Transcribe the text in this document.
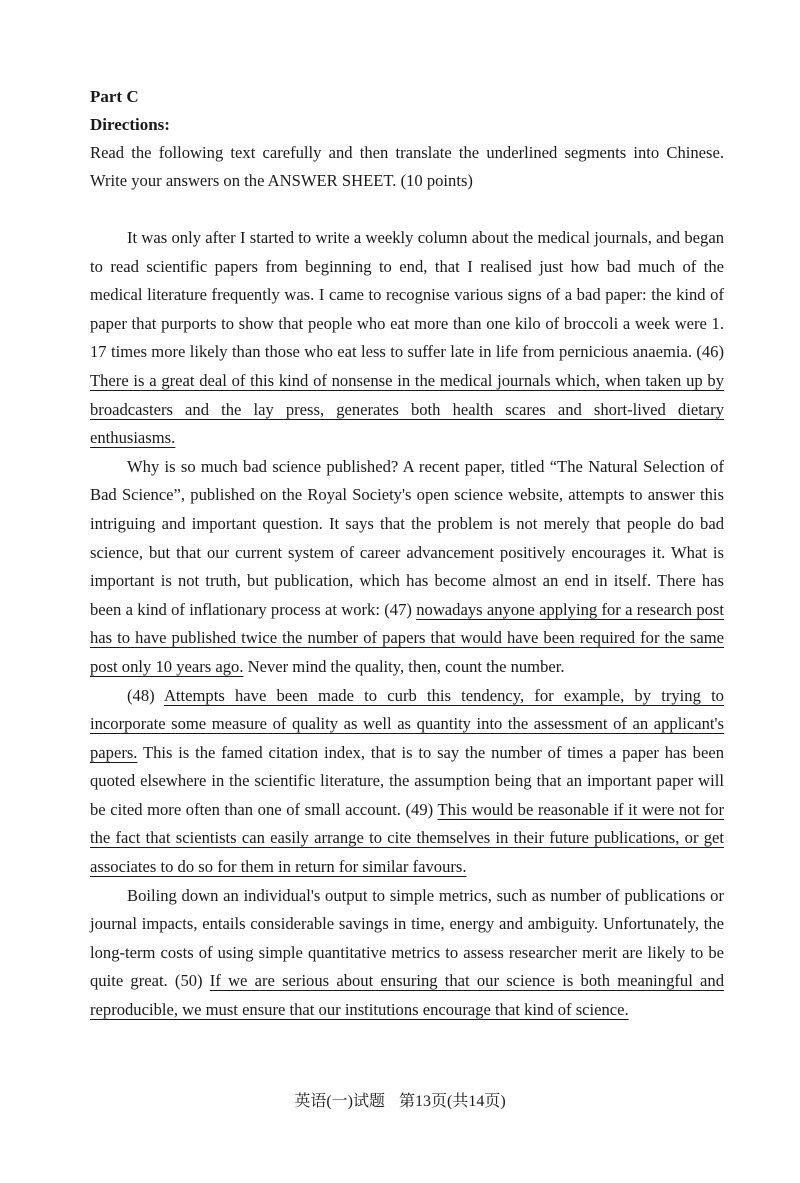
Part C
Directions:
Read the following text carefully and then translate the underlined segments into Chinese. Write your answers on the ANSWER SHEET. (10 points)

It was only after I started to write a weekly column about the medical journals, and began to read scientific papers from beginning to end, that I realised just how bad much of the medical literature frequently was. I came to recognise various signs of a bad paper: the kind of paper that purports to show that people who eat more than one kilo of broccoli a week were 1. 17 times more likely than those who eat less to suffer late in life from pernicious anaemia. (46) There is a great deal of this kind of nonsense in the medical journals which, when taken up by broadcasters and the lay press, generates both health scares and short-lived dietary enthusiasms.

Why is so much bad science published? A recent paper, titled “The Natural Selection of Bad Science”, published on the Royal Society's open science website, attempts to answer this intriguing and important question. It says that the problem is not merely that people do bad science, but that our current system of career advancement positively encourages it. What is important is not truth, but publication, which has become almost an end in itself. There has been a kind of inflationary process at work: (47) nowadays anyone applying for a research post has to have published twice the number of papers that would have been required for the same post only 10 years ago. Never mind the quality, then, count the number.

(48) Attempts have been made to curb this tendency, for example, by trying to incorporate some measure of quality as well as quantity into the assessment of an applicant's papers. This is the famed citation index, that is to say the number of times a paper has been quoted elsewhere in the scientific literature, the assumption being that an important paper will be cited more often than one of small account. (49) This would be reasonable if it were not for the fact that scientists can easily arrange to cite themselves in their future publications, or get associates to do so for them in return for similar favours.

Boiling down an individual's output to simple metrics, such as number of publications or journal impacts, entails considerable savings in time, energy and ambiguity. Unfortunately, the long-term costs of using simple quantitative metrics to assess researcher merit are likely to be quite great. (50) If we are serious about ensuring that our science is both meaningful and reproducible, we must ensure that our institutions encourage that kind of science.

英语(一)试题 第13页(共14页)
